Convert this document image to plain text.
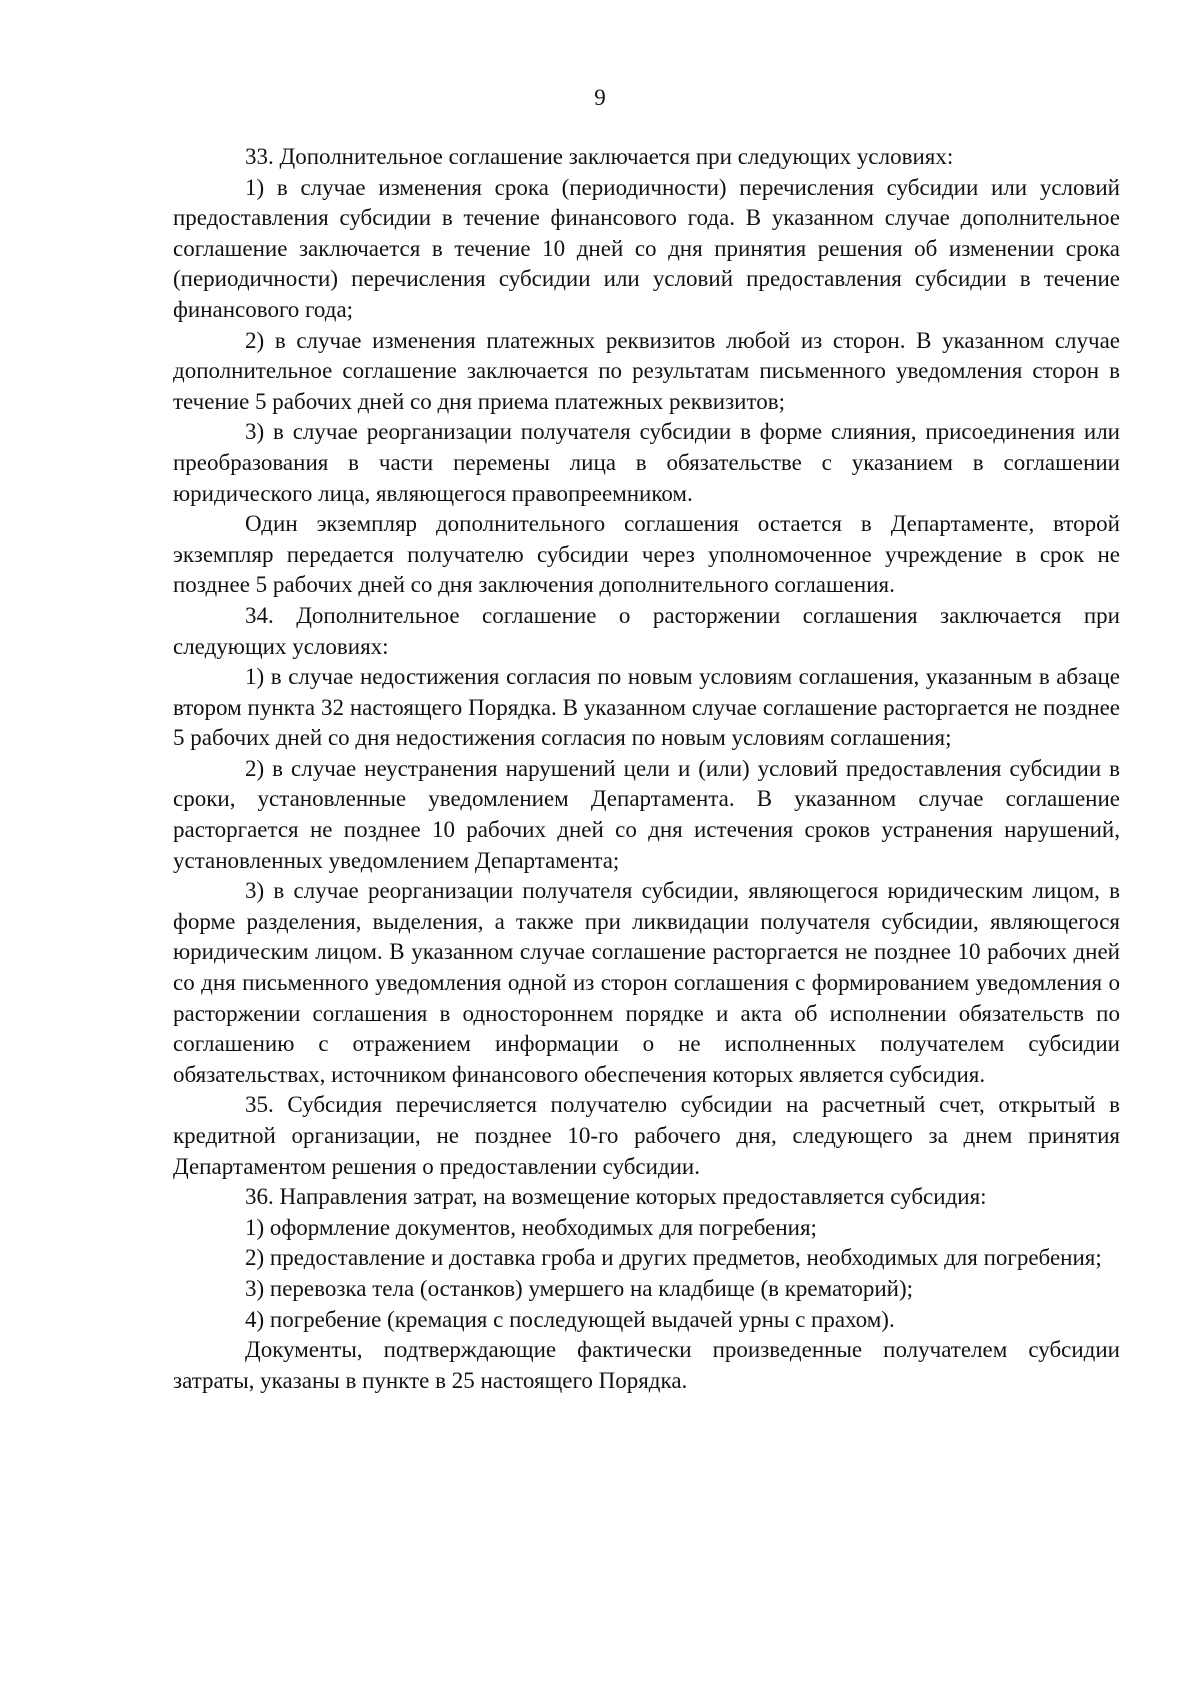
9

33. Дополнительное соглашение заключается при следующих условиях:

1) в случае изменения срока (периодичности) перечисления субсидии или условий предоставления субсидии в течение финансового года. В указанном случае дополнительное соглашение заключается в течение 10 дней со дня принятия решения об изменении срока (периодичности) перечисления субсидии или условий предоставления субсидии в течение финансового года;

2) в случае изменения платежных реквизитов любой из сторон. В указанном случае дополнительное соглашение заключается по результатам письменного уведомления сторон в течение 5 рабочих дней со дня приема платежных реквизитов;

3) в случае реорганизации получателя субсидии в форме слияния, присоединения или преобразования в части перемены лица в обязательстве с указанием в соглашении юридического лица, являющегося правопреемником.

Один экземпляр дополнительного соглашения остается в Департаменте, второй экземпляр передается получателю субсидии через уполномоченное учреждение в срок не позднее 5 рабочих дней со дня заключения дополнительного соглашения.

34. Дополнительное соглашение о расторжении соглашения заключается при следующих условиях:

1) в случае недостижения согласия по новым условиям соглашения, указанным в абзаце втором пункта 32 настоящего Порядка. В указанном случае соглашение расторгается не позднее 5 рабочих дней со дня недостижения согласия по новым условиям соглашения;

2) в случае неустранения нарушений цели и (или) условий предоставления субсидии в сроки, установленные уведомлением Департамента. В указанном случае соглашение расторгается не позднее 10 рабочих дней со дня истечения сроков устранения нарушений, установленных уведомлением Департамента;

3) в случае реорганизации получателя субсидии, являющегося юридическим лицом, в форме разделения, выделения, а также при ликвидации получателя субсидии, являющегося юридическим лицом. В указанном случае соглашение расторгается не позднее 10 рабочих дней со дня письменного уведомления одной из сторон соглашения с формированием уведомления о расторжении соглашения в одностороннем порядке и акта об исполнении обязательств по соглашению с отражением информации о не исполненных получателем субсидии обязательствах, источником финансового обеспечения которых является субсидия.

35. Субсидия перечисляется получателю субсидии на расчетный счет, открытый в кредитной организации, не позднее 10-го рабочего дня, следующего за днем принятия Департаментом решения о предоставлении субсидии.

36. Направления затрат, на возмещение которых предоставляется субсидия:

1) оформление документов, необходимых для погребения;

2) предоставление и доставка гроба и других предметов, необходимых для погребения;

3) перевозка тела (останков) умершего на кладбище (в крематорий);

4) погребение (кремация с последующей выдачей урны с прахом).

Документы, подтверждающие фактически произведенные получателем субсидии затраты, указаны в пункте в 25 настоящего Порядка.
